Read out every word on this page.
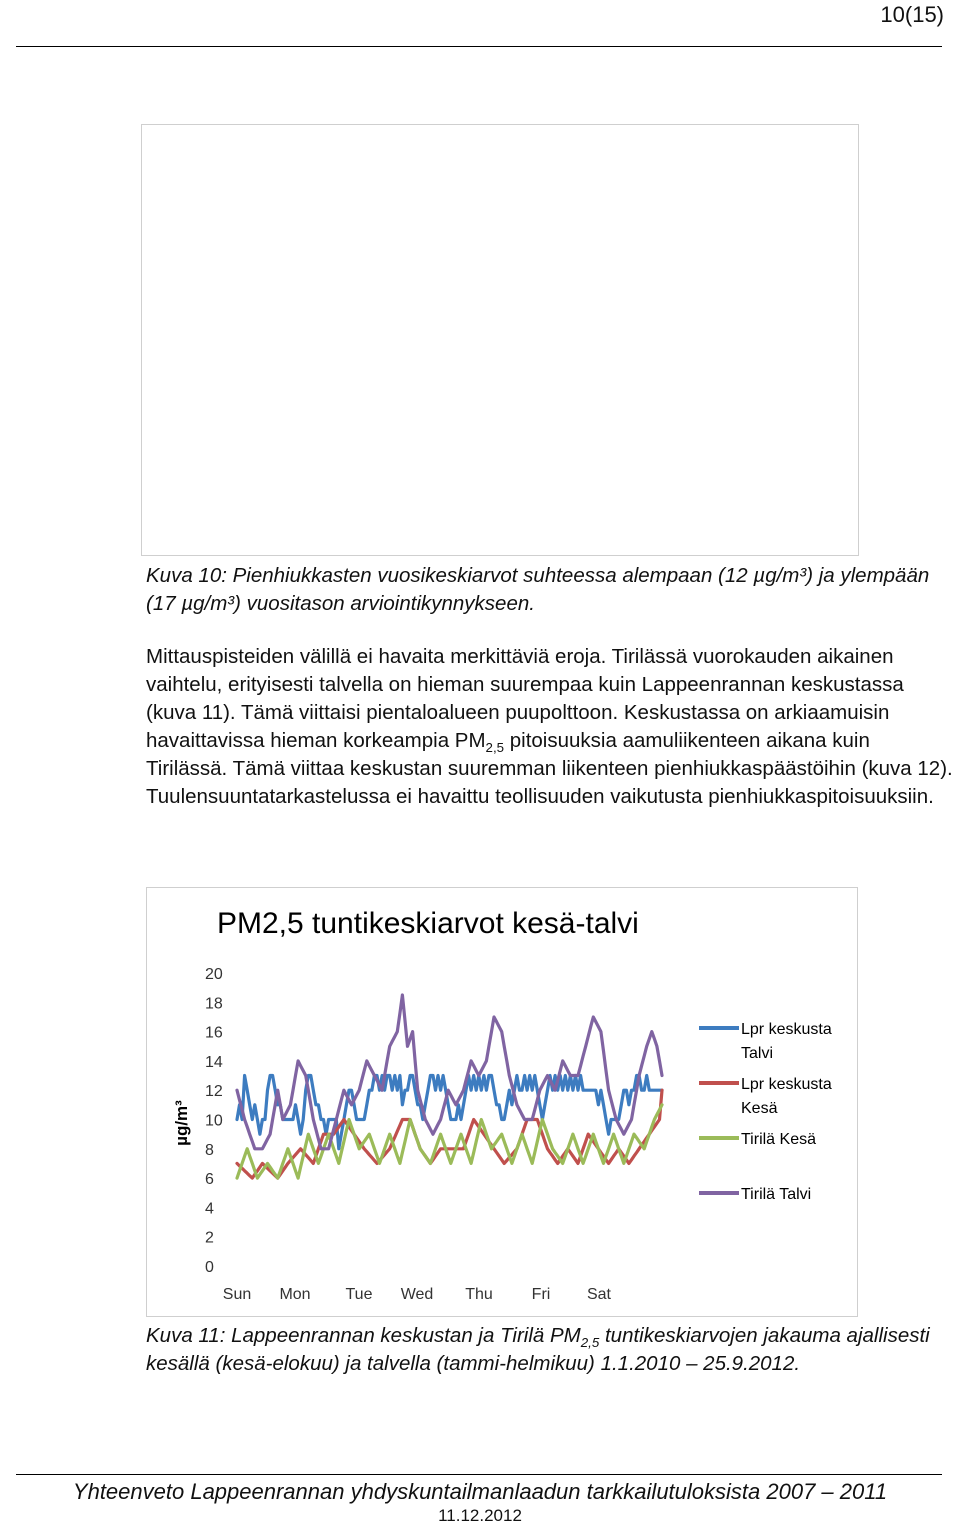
10(15)
Kuva 10: Pienhiukkasten vuosikeskiarvot suhteessa alempaan (12 µg/m³) ja ylempään (17 µg/m³) vuositason arviointikynnykseen.
Mittauspisteiden välillä ei havaita merkittäviä eroja. Tirilässä vuorokauden aikainen vaihtelu, erityisesti talvella on hieman suurempaa kuin Lappeenrannan keskustassa (kuva 11). Tämä viittaisi pientaloalueen puupolttoon. Keskustassa on arkiaamuisin havaittavissa hieman korkeampia $PM_{2,5}$ pitoisuuksia aamuliikenteen aikana kuin Tirilässä. Tämä viittaa keskustan suuremman liikenteen pienhiukkaspäästöihin (kuva 12). Tuulensuuntatarkastelussa ei havaittu teollisuuden vaikutusta pienhiukkaspitoisuuksiin.
PM2,5 tuntikeskiarvot kesä-talvi
µg/m³
0
2
4
6
8
10
12
14
16
18
20
Sun Mon Tue Wed Thu Fri Sat
Lpr keskusta Talvi
Lpr keskusta Kesä
Tirilä Kesä
Tirilä Talvi
Kuva 11: Lappeenrannan keskustan ja Tirilä $PM_{2,5}$ tuntikeskiarvojen jakauma ajallisesti kesällä (kesä-elokuu) ja talvella (tammi-helmikuu) 1.1.2010 – 25.9.2012.
Yhteenveto Lappeenrannan yhdyskuntailmanlaadun tarkkailutuloksista 2007 – 2011
11.12.2012
